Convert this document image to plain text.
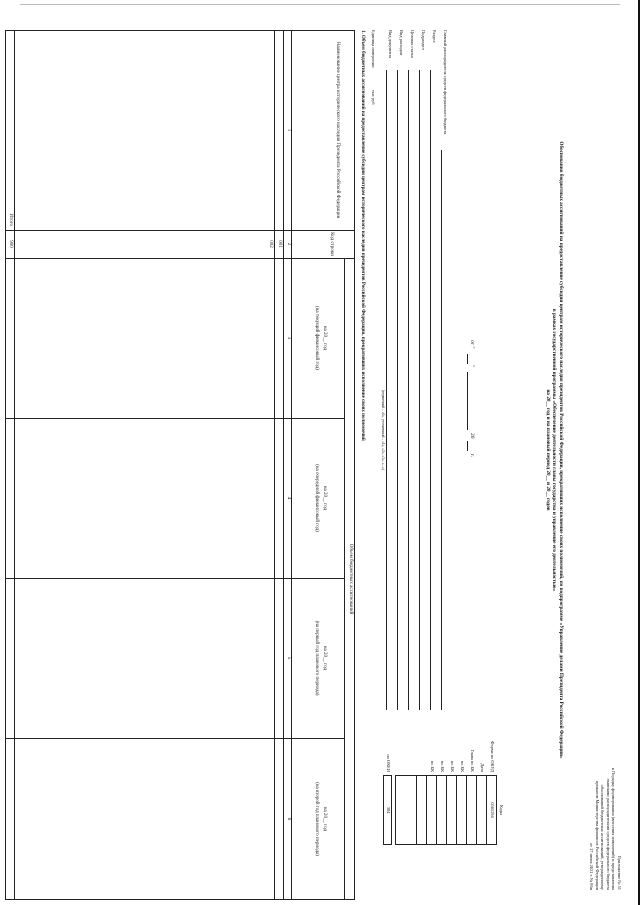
Приложение № 51
к Порядку формирования (внесения изменений) и представления
главными распорядителями средств федерального бюджета
обоснований бюджетных ассигнований, утвержденному
приказом Министерства финансов Российской Федерации
от 17 июня 2021 г. № 86н
Обоснования бюджетных ассигнований на предоставление субсидии центрам исторического наследия президентов Российской Федерации, прекративших исполнение своих полномочий, по подпрограмме «Управление делами Президента Российской Федерации»
в рамках государственной программы «Обеспечение деятельности главы государства и управление его деятельностью»
на 20__ год и на плановый период 20__ и 20__ годов
от "
"
20
г.
Коды
0505294
Форма по ОКУД
Дата
Глава по БК
по БК
по БК
по БК
по БК
384
по ОКЕИ
Главный распорядитель средств федерального бюджета
Раздел
Подраздел
Целевая статья
Вид расходов
Вид документа
(первичный – «0», уточненный – «1», «2», «3», «...»)
Единица измерения:
тыс руб
1. Объем бюджетных ассигнований на предоставление субсидии центрам исторического наследия президентов Российской Федерации, прекративших исполнение своих полномочий
Наименование центра исторического наследия Президента Российской Федерации
Код строки
Объем бюджетных ассигнований
на 20__ год
(на текущий финансовый год)
на 20__ год
(на очередной финансовый год)
на 20__ год
(на первый год планового периода)
на 20__ год
(на второй год планового периода)
1
2
3
4
5
6
001
002
Итого
900
